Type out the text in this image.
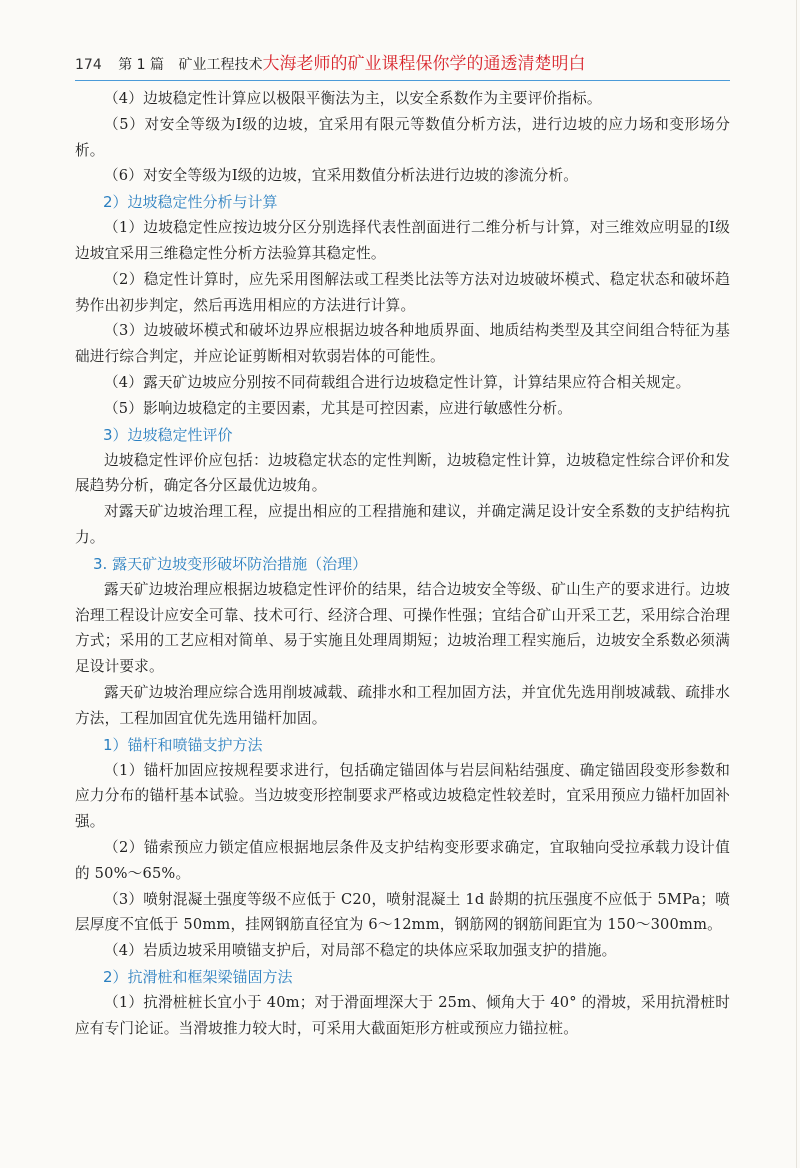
174 第 1 篇 矿业工程技术大海老师的矿业课程保你学的通透清楚明白

（4）边坡稳定性计算应以极限平衡法为主，以安全系数作为主要评价指标。

（5）对安全等级为Ⅰ级的边坡，宜采用有限元等数值分析方法，进行边坡的应力场和变形场分析。

（6）对安全等级为Ⅰ级的边坡，宜采用数值分析法进行边坡的渗流分析。

2）边坡稳定性分析与计算

（1）边坡稳定性应按边坡分区分别选择代表性剖面进行二维分析与计算，对三维效应明显的Ⅰ级边坡宜采用三维稳定性分析方法验算其稳定性。

（2）稳定性计算时，应先采用图解法或工程类比法等方法对边坡破坏模式、稳定状态和破坏趋势作出初步判定，然后再选用相应的方法进行计算。

（3）边坡破坏模式和破坏边界应根据边坡各种地质界面、地质结构类型及其空间组合特征为基础进行综合判定，并应论证剪断相对软弱岩体的可能性。

（4）露天矿边坡应分别按不同荷载组合进行边坡稳定性计算，计算结果应符合相关规定。

（5）影响边坡稳定的主要因素，尤其是可控因素，应进行敏感性分析。

3）边坡稳定性评价

边坡稳定性评价应包括：边坡稳定状态的定性判断，边坡稳定性计算，边坡稳定性综合评价和发展趋势分析，确定各分区最优边坡角。

对露天矿边坡治理工程，应提出相应的工程措施和建议，并确定满足设计安全系数的支护结构抗力。

3. 露天矿边坡变形破坏防治措施（治理）

露天矿边坡治理应根据边坡稳定性评价的结果，结合边坡安全等级、矿山生产的要求进行。边坡治理工程设计应安全可靠、技术可行、经济合理、可操作性强；宜结合矿山开采工艺，采用综合治理方式；采用的工艺应相对简单、易于实施且处理周期短；边坡治理工程实施后，边坡安全系数必须满足设计要求。

露天矿边坡治理应综合选用削坡减载、疏排水和工程加固方法，并宜优先选用削坡减载、疏排水方法，工程加固宜优先选用锚杆加固。

1）锚杆和喷锚支护方法

（1）锚杆加固应按规程要求进行，包括确定锚固体与岩层间粘结强度、确定锚固段变形参数和应力分布的锚杆基本试验。当边坡变形控制要求严格或边坡稳定性较差时，宜采用预应力锚杆加固补强。

（2）锚索预应力锁定值应根据地层条件及支护结构变形要求确定，宜取轴向受拉承载力设计值的 50%～65%。

（3）喷射混凝土强度等级不应低于 C20，喷射混凝土 1d 龄期的抗压强度不应低于 5MPa；喷层厚度不宜低于 50mm，挂网钢筋直径宜为 6～12mm，钢筋网的钢筋间距宜为 150～300mm。

（4）岩质边坡采用喷锚支护后，对局部不稳定的块体应采取加强支护的措施。

2）抗滑桩和框架梁锚固方法

（1）抗滑桩桩长宜小于 40m；对于滑面埋深大于 25m、倾角大于 40° 的滑坡，采用抗滑桩时应有专门论证。当滑坡推力较大时，可采用大截面矩形方桩或预应力锚拉桩。
